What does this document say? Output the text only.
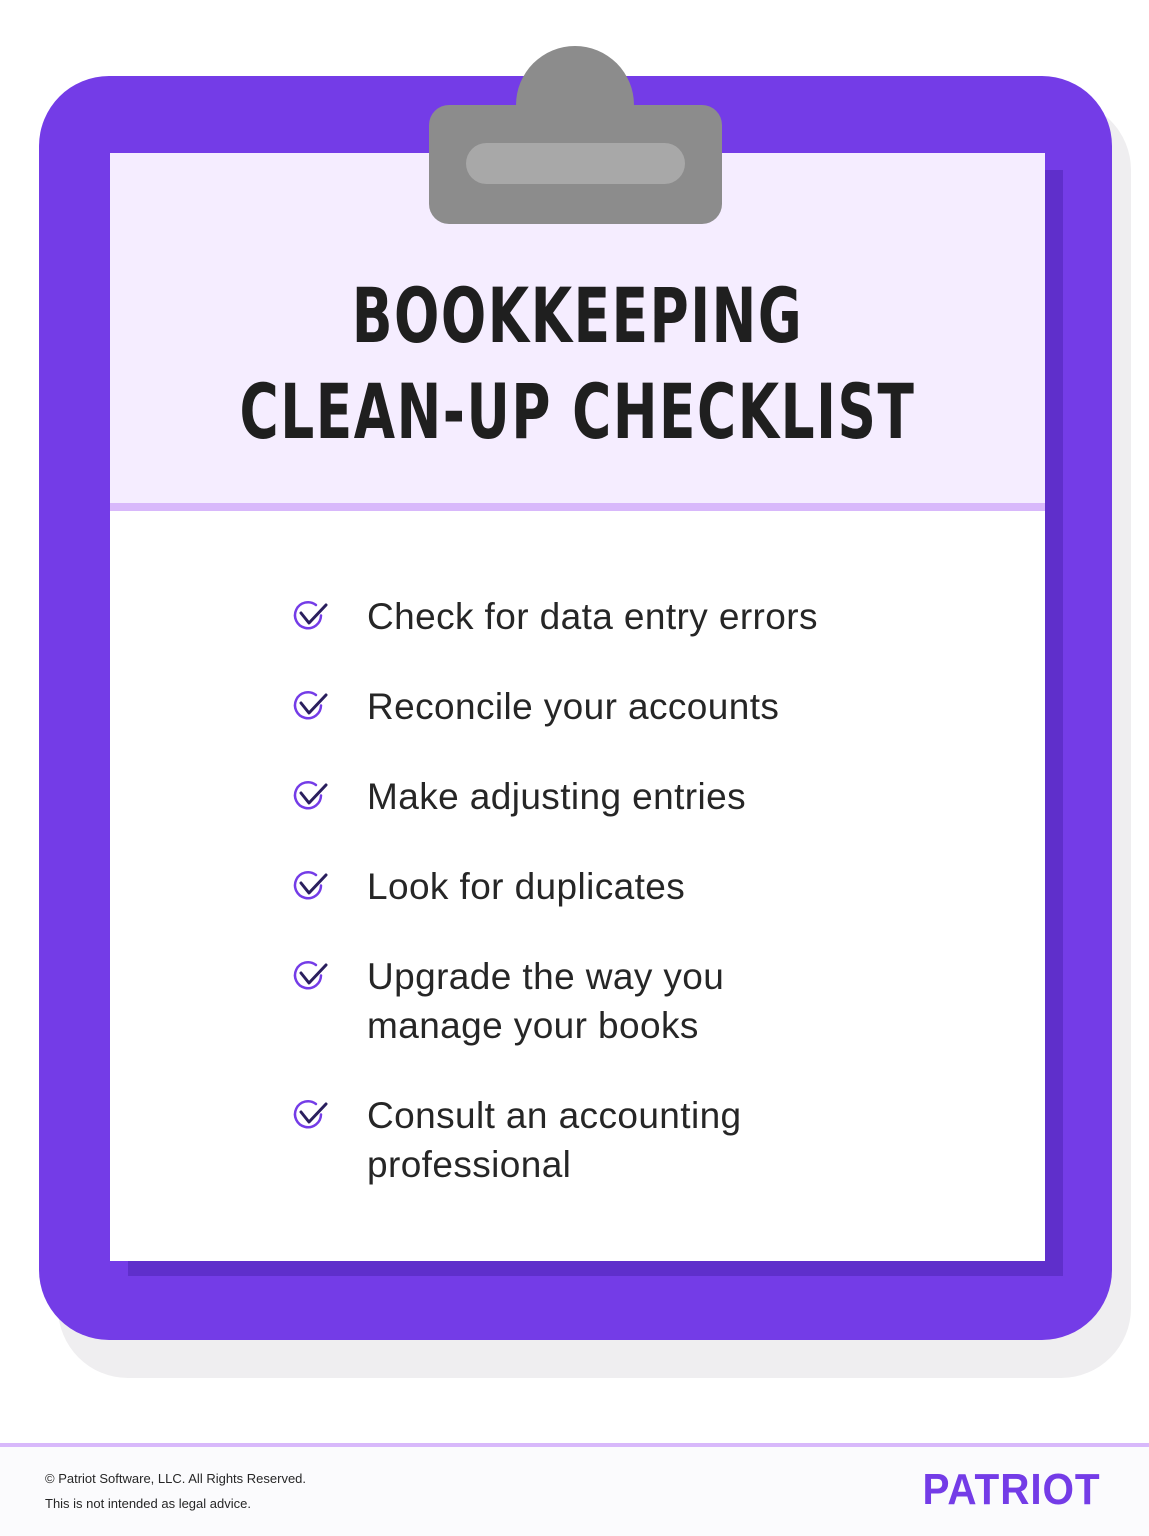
BOOKKEEPING
CLEAN-UP CHECKLIST
Check for data entry errors
Reconcile your accounts
Make adjusting entries
Look for duplicates
Upgrade the way you
manage your books
Consult an accounting
professional
© Patriot Software, LLC. All Rights Reserved.
This is not intended as legal advice.	PATRIOT
